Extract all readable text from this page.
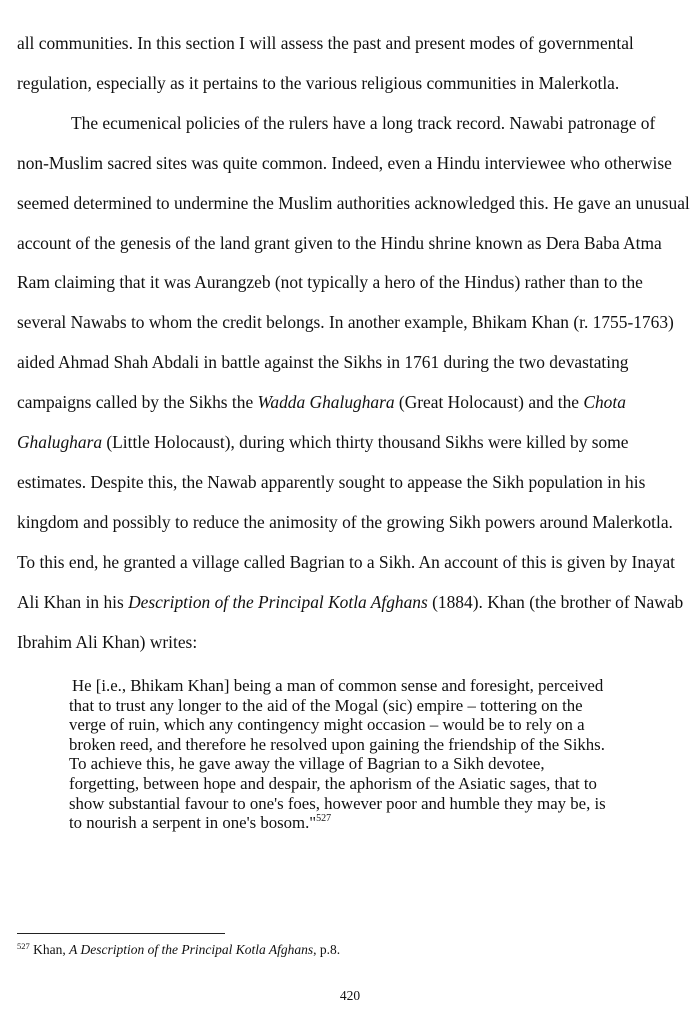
all communities. In this section I will assess the past and present modes of governmental
regulation, especially as it pertains to the various religious communities in Malerkotla.
The ecumenical policies of the rulers have a long track record. Nawabi patronage of
non-Muslim sacred sites was quite common. Indeed, even a Hindu interviewee who otherwise
seemed determined to undermine the Muslim authorities acknowledged this. He gave an unusual
account of the genesis of the land grant given to the Hindu shrine known as Dera Baba Atma
Ram claiming that it was Aurangzeb (not typically a hero of the Hindus) rather than to the
several Nawabs to whom the credit belongs. In another example, Bhikam Khan (r. 1755-1763)
aided Ahmad Shah Abdali in battle against the Sikhs in 1761 during the two devastating
campaigns called by the Sikhs the Wadda Ghalughara (Great Holocaust) and the Chota
Ghalughara (Little Holocaust), during which thirty thousand Sikhs were killed by some
estimates. Despite this, the Nawab apparently sought to appease the Sikh population in his
kingdom and possibly to reduce the animosity of the growing Sikh powers around Malerkotla.
To this end, he granted a village called Bagrian to a Sikh. An account of this is given by Inayat
Ali Khan in his Description of the Principal Kotla Afghans (1884). Khan (the brother of Nawab
Ibrahim Ali Khan) writes:
He [i.e., Bhikam Khan] being a man of common sense and foresight, perceived
that to trust any longer to the aid of the Mogal (sic) empire – tottering on the
verge of ruin, which any contingency might occasion – would be to rely on a
broken reed, and therefore he resolved upon gaining the friendship of the Sikhs.
To achieve this, he gave away the village of Bagrian to a Sikh devotee,
forgetting, between hope and despair, the aphorism of the Asiatic sages, that to
show substantial favour to one's foes, however poor and humble they may be, is
to nourish a serpent in one's bosom."$^{527}$
$^{527}$ Khan, A Description of the Principal Kotla Afghans, p.8.
420
